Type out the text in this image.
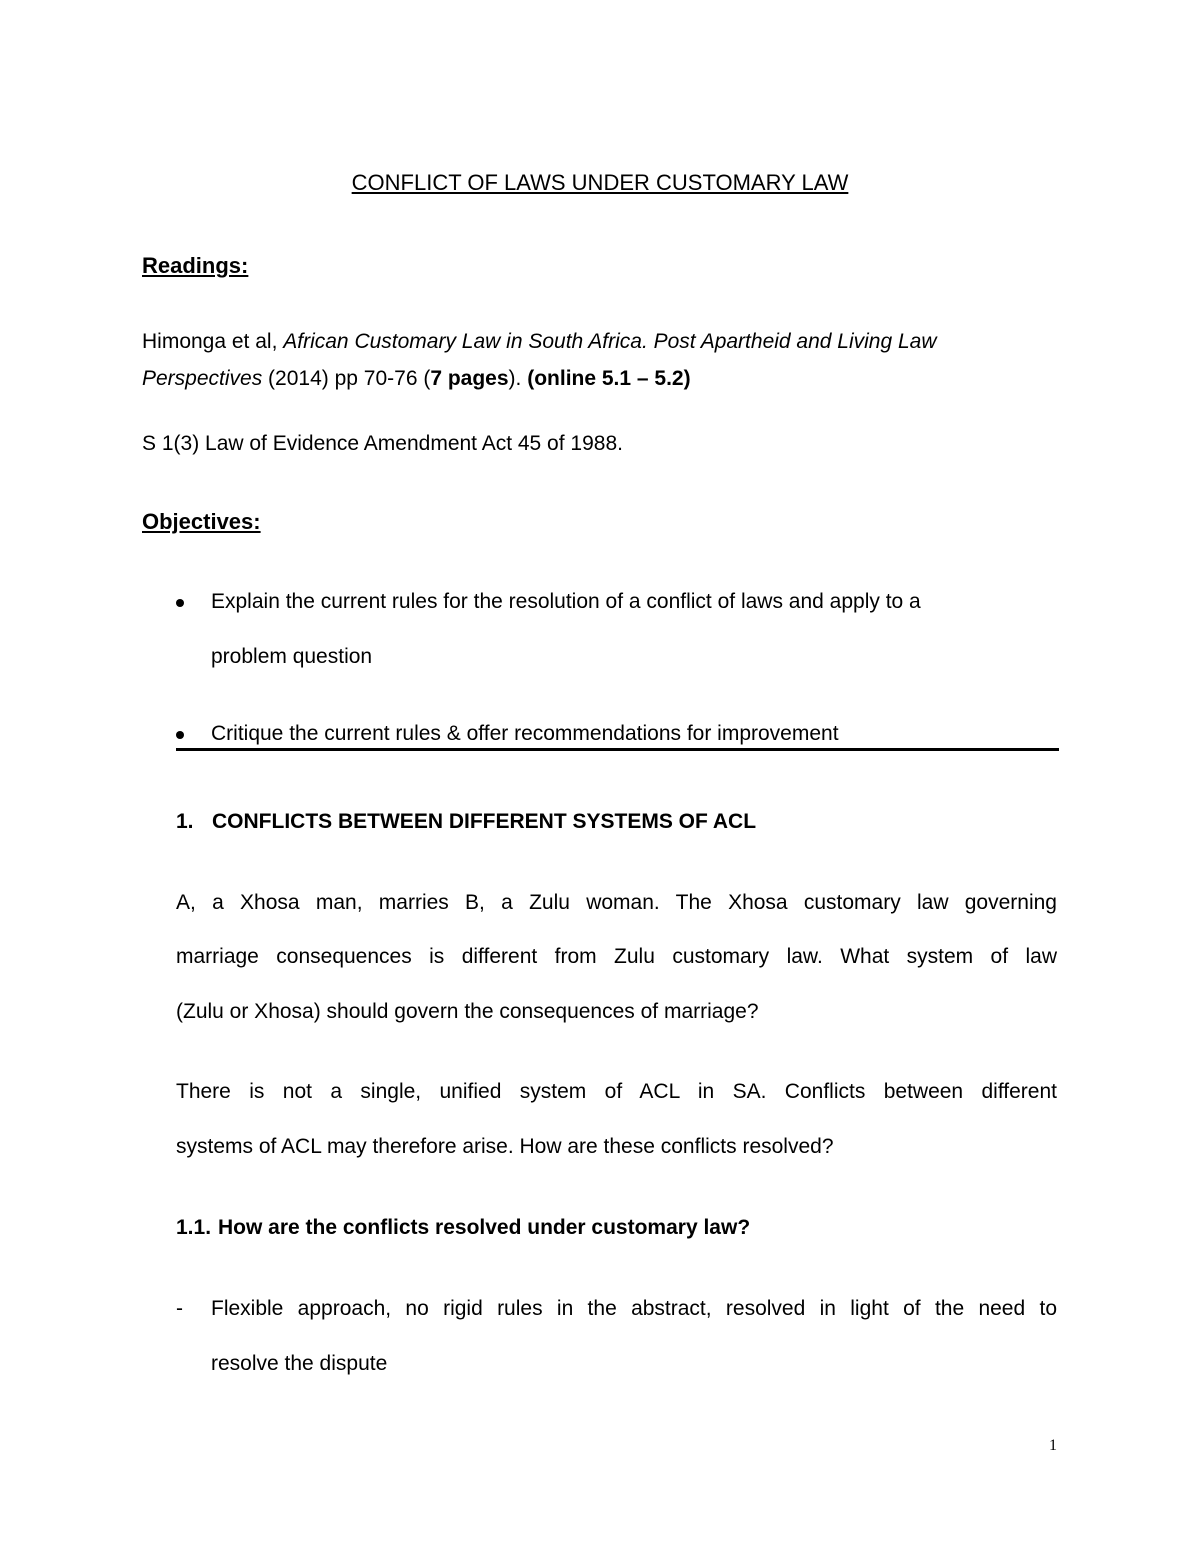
CONFLICT OF LAWS UNDER CUSTOMARY LAW
Readings:
Himonga et al, African Customary Law in South Africa. Post Apartheid and Living Law
Perspectives (2014) pp 70-76 (7 pages). (online 5.1 – 5.2)
S 1(3) Law of Evidence Amendment Act 45 of 1988.
Objectives:
Explain the current rules for the resolution of a conflict of laws and apply to a
problem question
Critique the current rules & offer recommendations for improvement
1. CONFLICTS BETWEEN DIFFERENT SYSTEMS OF ACL
A, a Xhosa man, marries B, a Zulu woman. The Xhosa customary law governing
marriage consequences is different from Zulu customary law. What system of law
(Zulu or Xhosa) should govern the consequences of marriage?
There is not a single, unified system of ACL in SA. Conflicts between different
systems of ACL may therefore arise. How are these conflicts resolved?
1.1. How are the conflicts resolved under customary law?
- Flexible approach, no rigid rules in the abstract, resolved in light of the need to
resolve the dispute
1
